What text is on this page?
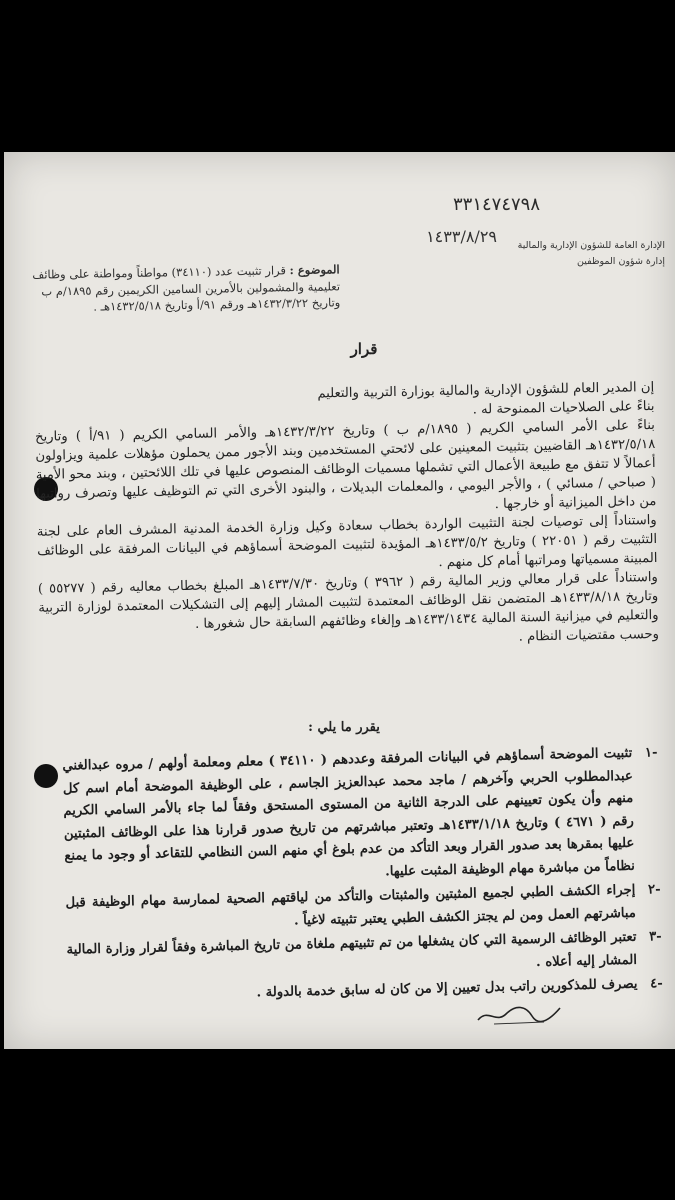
٣٣١٤٧٤٧٩٨
١٤٣٣/٨/٢٩	الإدارة العامة للشؤون الإدارية والمالية
إدارة شؤون الموظفين
الموضوع : قرار تثبيت عدد (٣٤١١٠) مواطناً ومواطنة على وظائف تعليمية والمشمولين بالأمرين السامين الكريمين رقم ١٨٩٥/م ب وتاريخ ١٤٣٢/٣/٢٢هـ ورقم ٩١/أ وتاريخ ١٤٣٢/٥/١٨هـ .
قرار

إن المدير العام للشؤون الإدارية والمالية بوزارة التربية والتعليم

بناءً على الصلاحيات الممنوحة له .

بناءً على الأمر السامي الكريم ( ١٨٩٥/م ب ) وتاريخ ١٤٣٢/٣/٢٢هـ والأمر السامي الكريم ( ٩١/أ ) وتاريخ ١٤٣٢/٥/١٨هـ القاضيين بتثبيت المعينين على لائحتي المستخدمين وبند الأجور ممن يحملون مؤهلات علمية ويزاولون أعمالاً لا تتفق مع طبيعة الأعمال التي تشملها مسميات الوظائف المنصوص عليها في تلك اللائحتين ، وبند محو الأمية ( صباحي / مسائي ) ، والأجر اليومي ، والمعلمات البديلات ، والبنود الأخرى التي تم التوظيف عليها وتصرف رواتبها من داخل الميزانية أو خارجها .

واستناداً إلى توصيات لجنة التثبيت الواردة بخطاب سعادة وكيل وزارة الخدمة المدنية المشرف العام على لجنة التثبيت رقم ( ٢٢٠٥١ ) وتاريخ ١٤٣٣/٥/٢هـ المؤيدة لتثبيت الموضحة أسماؤهم في البيانات المرفقة على الوظائف المبينة مسمياتها ومراتبها أمام كل منهم .

واستناداً على قرار معالي وزير المالية رقم ( ٣٩٦٢ ) وتاريخ ١٤٣٣/٧/٣٠هـ المبلغ بخطاب معاليه رقم ( ٥٥٢٧٧ ) وتاريخ ١٤٣٣/٨/١٨هـ المتضمن نقل الوظائف المعتمدة لتثبيت المشار إليهم إلى التشكيلات المعتمدة لوزارة التربية والتعليم في ميزانية السنة المالية ١٤٣٣/١٤٣٤هـ وإلغاء وظائفهم السابقة حال شغورها .

وحسب مقتضيات النظام .

يقرر ما يلي :
-١
تثبيت الموضحة أسماؤهم في البيانات المرفقة وعددهم ( ٣٤١١٠ ) معلم ومعلمة أولهم / مروه عبدالغني عبدالمطلوب الحربي وآخرهم / ماجد محمد عبدالعزيز الجاسم ، على الوظيفة الموضحة أمام اسم كل منهم وأن يكون تعيينهم على الدرجة الثانية من المستوى المستحق وفقاً لما جاء بالأمر السامي الكريم رقم ( ٤٦٧١ ) وتاريخ ١٤٣٣/١/١٨هـ وتعتبر مباشرتهم من تاريخ صدور قرارنا هذا على الوظائف المثبتين عليها بمقرها بعد صدور القرار وبعد التأكد من عدم بلوغ أي منهم السن النظامي للتقاعد أو وجود ما يمنع نظاماً من مباشرة مهام الوظيفة المثبت عليها.
-٢
إجراء الكشف الطبي لجميع المثبتين والمثبتات والتأكد من لياقتهم الصحية لممارسة مهام الوظيفة قبل مباشرتهم العمل ومن لم يجتز الكشف الطبي يعتبر تثبيته لاغياً .
-٣
تعتبر الوظائف الرسمية التي كان يشغلها من تم تثبيتهم ملغاة من تاريخ المباشرة وفقاً لقرار وزارة المالية المشار إليه أعلاه .
-٤
يصرف للمذكورين راتب بدل تعيين إلا من كان له سابق خدمة بالدولة .
